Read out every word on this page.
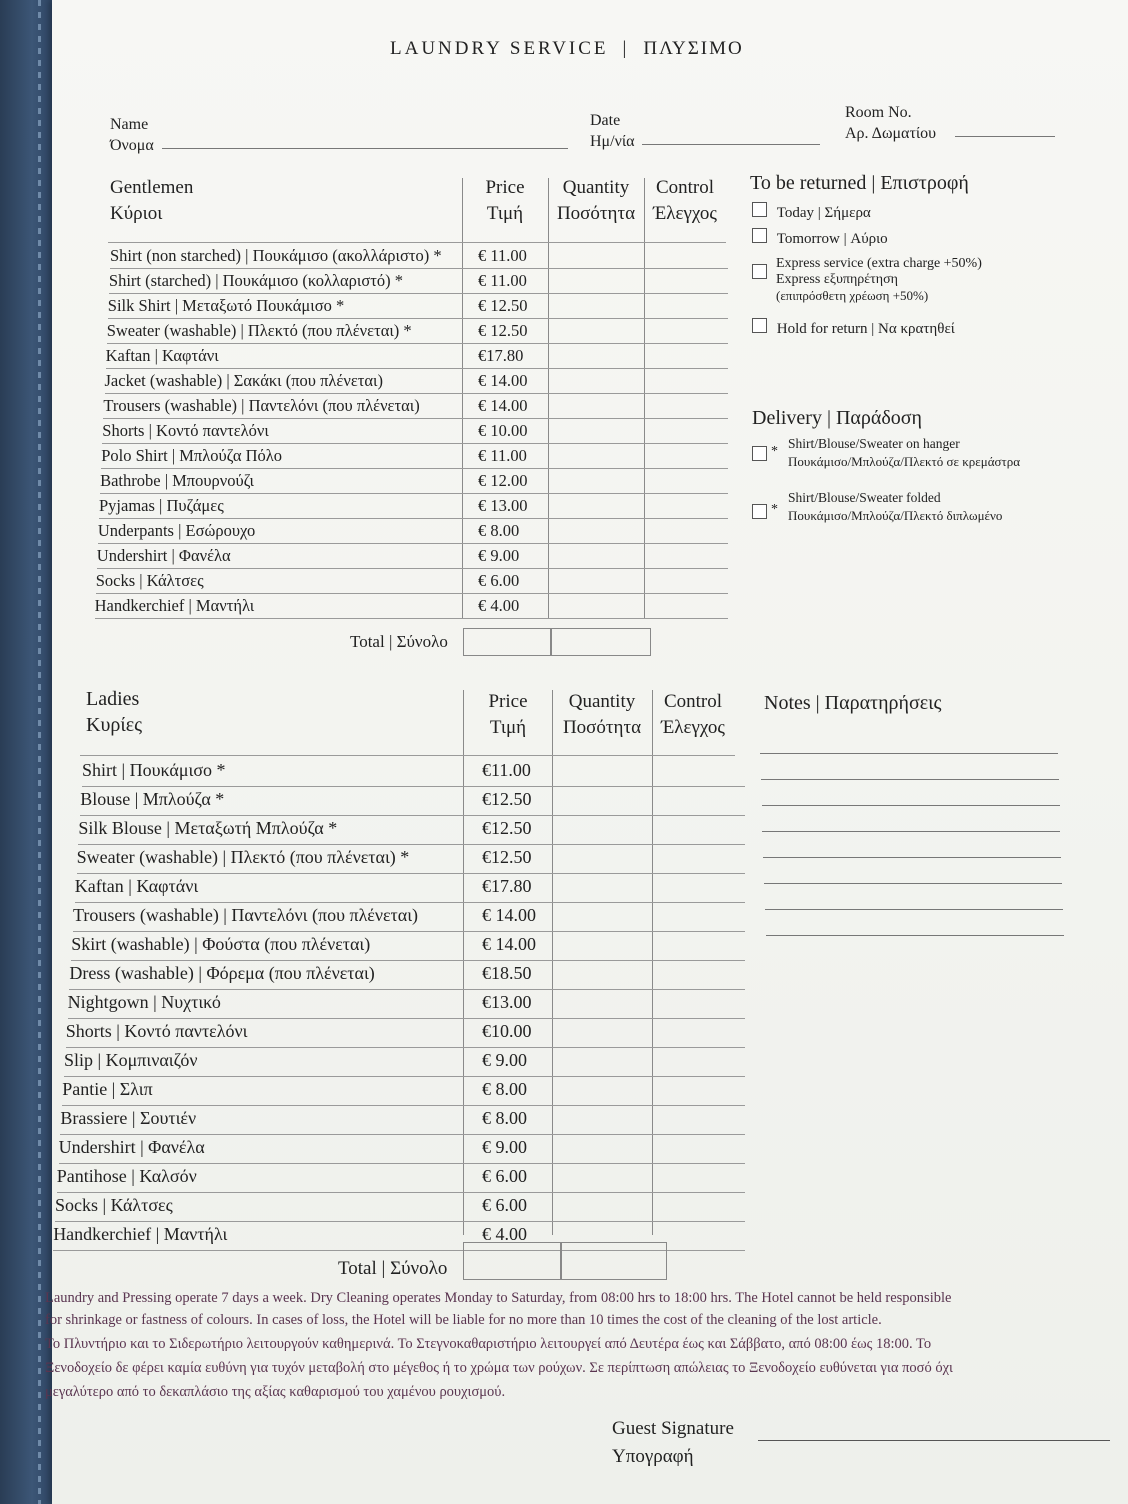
LAUNDRY SERVICE | ΠΛΥΣΙΜΟ
Name
Όνομα
Date
Ημ/νία
Room No.
Αρ. Δωματίου
Gentlemen
Κύριοι
Price
Τιμή
Quantity
Ποσότητα
Control
Έλεγχος
Shirt (non starched) | Πουκάμισο (ακολλάριστο) * € 11.00
Shirt (starched) | Πουκάμισο (κολλαριστό) *	€ 11.00
Silk Shirt | Μεταξωτό Πουκάμισο *	€ 12.50
Sweater (washable) | Πλεκτό (που πλένεται) *	€ 12.50
Kaftan | Καφτάνι	€17.80
Jacket (washable) | Σακάκι (που πλένεται)	€ 14.00
Trousers (washable) | Παντελόνι (που πλένεται)	€ 14.00
Shorts | Κοντό παντελόνι	€ 10.00
Polo Shirt | Μπλούζα Πόλο	€ 11.00
Bathrobe | Μπουρνούζι	€ 12.00
Pyjamas | Πυζάμες	€ 13.00
Underpants | Εσώρουχο	€ 8.00
Undershirt | Φανέλα	€ 9.00
Socks | Κάλτσες	€ 6.00
Handkerchief | Μαντήλι	€ 4.00
Total | Σύνολο
To be returned | Επιστροφή
Today | Σήμερα
Tomorrow | Αύριο
Express service (extra charge +50%)
Express εξυπηρέτηση
(επιπρόσθετη χρέωση +50%)
Hold for return | Να κρατηθεί
Delivery | Παράδοση
*
Shirt/Blouse/Sweater on hanger
Πουκάμισο/Μπλούζα/Πλεκτό σε κρεμάστρα
*
Shirt/Blouse/Sweater folded
Πουκάμισο/Μπλούζα/Πλεκτό διπλωμένο
Ladies
Κυρίες
Price
Τιμή
Quantity
Ποσότητα
Control
Έλεγχος
Shirt | Πουκάμισο *	€11.00
Blouse | Μπλούζα *	€12.50
Silk Blouse | Μεταξωτή Μπλούζα *	€12.50
Sweater (washable) | Πλεκτό (που πλένεται) *	€12.50
Kaftan | Καφτάνι	€17.80
Trousers (washable) | Παντελόνι (που πλένεται)	€ 14.00
Skirt (washable) | Φούστα (που πλένεται)	€ 14.00
Dress (washable) | Φόρεμα (που πλένεται)	€18.50
Nightgown | Νυχτικό	€13.00
Shorts | Κοντό παντελόνι	€10.00
Slip | Κομπιναιζόν	€ 9.00
Pantie | Σλιπ	€ 8.00
Brassiere | Σουτιέν	€ 8.00
Undershirt | Φανέλα	€ 9.00
Pantihose | Καλσόν	€ 6.00
Socks | Κάλτσες	€ 6.00
Handkerchief | Μαντήλι	€ 4.00
Total | Σύνολο
Notes | Παρατηρήσεις
Laundry and Pressing operate 7 days a week. Dry Cleaning operates Monday to Saturday, from 08:00 hrs to 18:00 hrs. The Hotel cannot be held responsible
for shrinkage or fastness of colours. In cases of loss, the Hotel will be liable for no more than 10 times the cost of the cleaning of the lost article.
Το Πλυντήριο και το Σιδερωτήριο λειτουργούν καθημερινά. Το Στεγνοκαθαριστήριο λειτουργεί από Δευτέρα έως και Σάββατο, από 08:00 έως 18:00. Το
Ξενοδοχείο δε φέρει καμία ευθύνη για τυχόν μεταβολή στο μέγεθος ή το χρώμα των ρούχων. Σε περίπτωση απώλειας το Ξενοδοχείο ευθύνεται για ποσό όχι
μεγαλύτερο από το δεκαπλάσιο της αξίας καθαρισμού του χαμένου ρουχισμού.
Guest Signature
Υπογραφή
